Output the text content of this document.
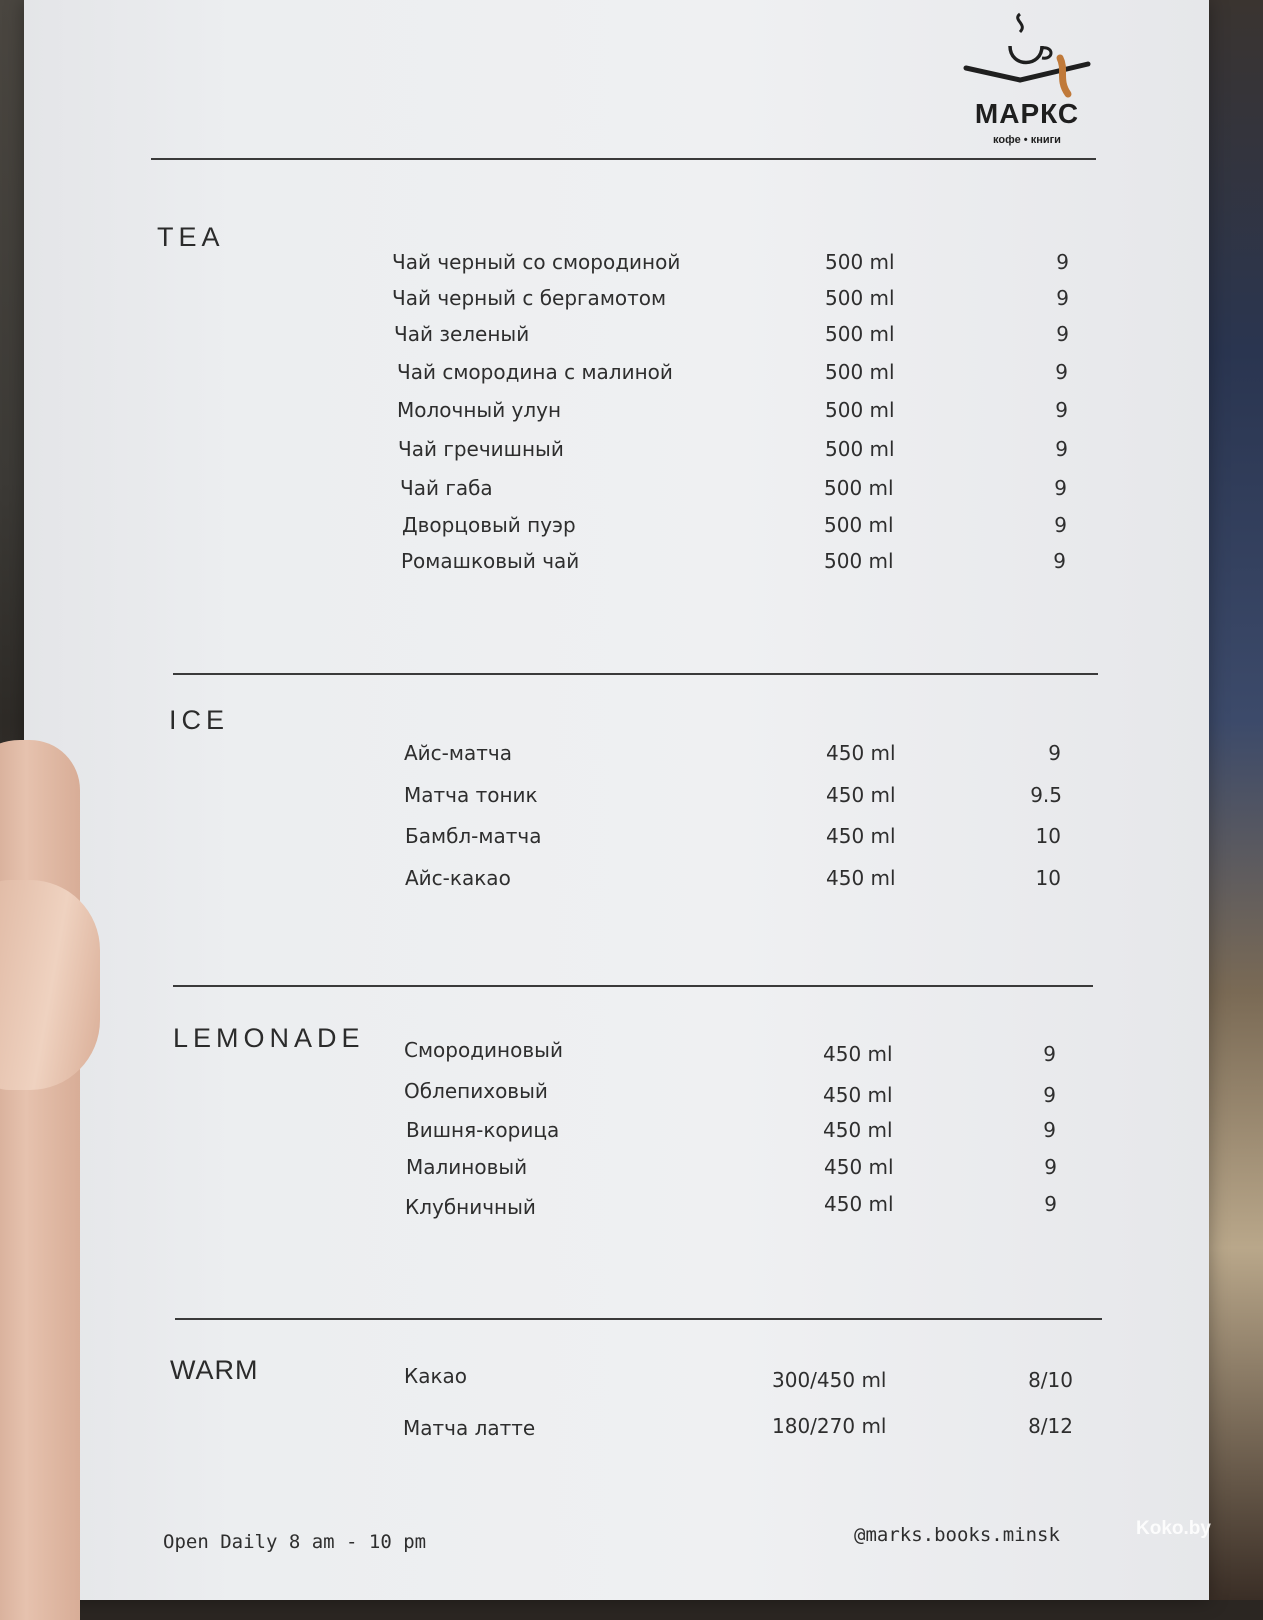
МАРКС
кофе • книги
TEA
Чай черный со смородиной	500 ml	9
Чай черный с бергамотом	500 ml	9
Чай зеленый	500 ml	9
Чай смородина с малиной	500 ml	9
Молочный улун	500 ml	9
Чай гречишный	500 ml	9
Чай габа	500 ml	9
Дворцовый пуэр	500 ml	9
Ромашковый чай	500 ml	9
ICE
Айс-матча	450 ml	9
Матча тоник	450 ml	9.5
Бамбл-матча	450 ml	10
Айс-какао	450 ml	10
LEMONADE Смородиновый	450 ml	9
Облепиховый	450 ml	9
Вишня-корица	450 ml	9
Малиновый	450 ml	9
Клубничный	450 ml	9
WARM	Какао	300/450 ml	8/10
Матча латте	180/270 ml	8/12
Open Daily 8 am - 10 pm	@marks.books.minsk	Koko.by
